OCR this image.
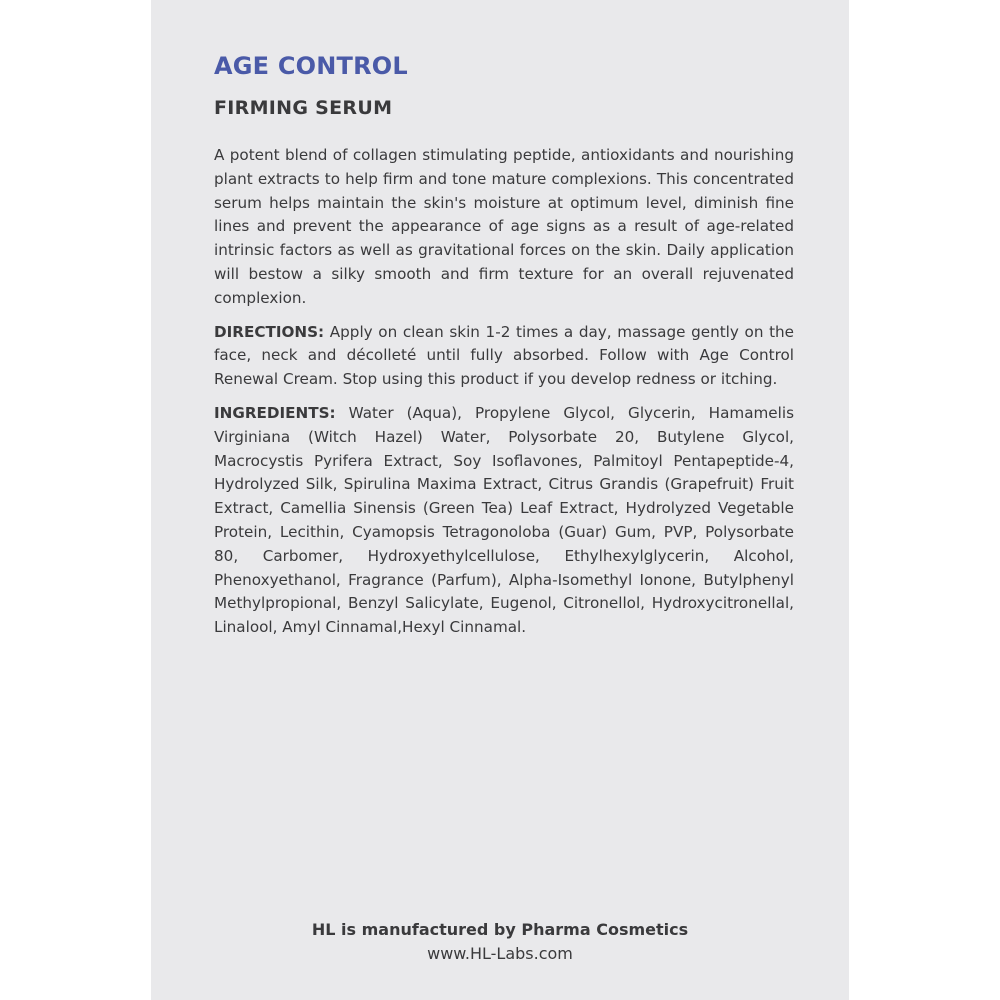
AGE CONTROL
FIRMING SERUM

A potent blend of collagen stimulating peptide, antioxidants and nourishing plant extracts to help firm and tone mature complexions. This concentrated serum helps maintain the skin's moisture at optimum level, diminish fine lines and prevent the appearance of age signs as a result of age-related intrinsic factors as well as gravitational forces on the skin. Daily application will bestow a silky smooth and firm texture for an overall rejuvenated complexion.

DIRECTIONS: Apply on clean skin 1-2 times a day, massage gently on the face, neck and décolleté until fully absorbed. Follow with Age Control Renewal Cream. Stop using this product if you develop redness or itching.

INGREDIENTS: Water (Aqua), Propylene Glycol, Glycerin, Hamamelis Virginiana (Witch Hazel) Water, Polysorbate 20, Butylene Glycol, Macrocystis Pyrifera Extract, Soy Isoflavones, Palmitoyl Pentapeptide-4, Hydrolyzed Silk, Spirulina Maxima Extract, Citrus Grandis (Grapefruit) Fruit Extract, Camellia Sinensis (Green Tea) Leaf Extract, Hydrolyzed Vegetable Protein, Lecithin, Cyamopsis Tetragonoloba (Guar) Gum, PVP, Polysorbate 80, Carbomer, Hydroxyethylcellulose, Ethylhexylglycerin, Alcohol, Phenoxyethanol, Fragrance (Parfum), Alpha-Isomethyl Ionone, Butylphenyl Methylpropional, Benzyl Salicylate, Eugenol, Citronellol, Hydroxycitronellal, Linalool, Amyl Cinnamal,Hexyl Cinnamal.

HL is manufactured by Pharma Cosmetics
www.HL-Labs.com
